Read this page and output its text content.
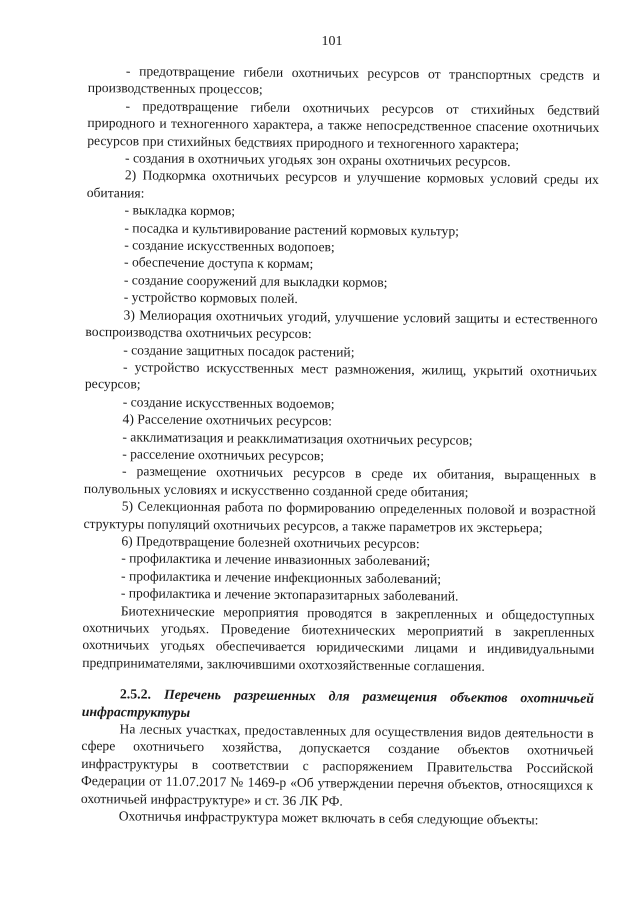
101

- предотвращение гибели охотничьих ресурсов от транспортных средств и производственных процессов;

- предотвращение гибели охотничьих ресурсов от стихийных бедствий природного и техногенного характера, а также непосредственное спасение охотничьих ресурсов при стихийных бедствиях природного и техногенного характера;

- создания в охотничьих угодьях зон охраны охотничьих ресурсов.

2) Подкормка охотничьих ресурсов и улучшение кормовых условий среды их обитания:

- выкладка кормов;

- посадка и культивирование растений кормовых культур;

- создание искусственных водопоев;

- обеспечение доступа к кормам;

- создание сооружений для выкладки кормов;

- устройство кормовых полей.

3) Мелиорация охотничьих угодий, улучшение условий защиты и естественного воспроизводства охотничьих ресурсов:

- создание защитных посадок растений;

- устройство искусственных мест размножения, жилищ, укрытий охотничьих ресурсов;

- создание искусственных водоемов;

4) Расселение охотничьих ресурсов:

- акклиматизация и реакклиматизация охотничьих ресурсов;

- расселение охотничьих ресурсов;

- размещение охотничьих ресурсов в среде их обитания, выращенных в полувольных условиях и искусственно созданной среде обитания;

5) Селекционная работа по формированию определенных половой и возрастной структуры популяций охотничьих ресурсов, а также параметров их экстерьера;

6) Предотвращение болезней охотничьих ресурсов:

- профилактика и лечение инвазионных заболеваний;

- профилактика и лечение инфекционных заболеваний;

- профилактика и лечение эктопаразитарных заболеваний.

Биотехнические мероприятия проводятся в закрепленных и общедоступных охотничьих угодьях. Проведение биотехнических мероприятий в закрепленных охотничьих угодьях обеспечивается юридическими лицами и индивидуальными предпринимателями, заключившими охотхозяйственные соглашения.

2.5.2. Перечень разрешенных для размещения объектов охотничьей инфраструктуры

На лесных участках, предоставленных для осуществления видов деятельности в сфере охотничьего хозяйства, допускается создание объектов охотничьей инфраструктуры в соответствии с распоряжением Правительства Российской Федерации от 11.07.2017 № 1469-р «Об утверждении перечня объектов, относящихся к охотничьей инфраструктуре» и ст. 36 ЛК РФ.

Охотничья инфраструктура может включать в себя следующие объекты:
